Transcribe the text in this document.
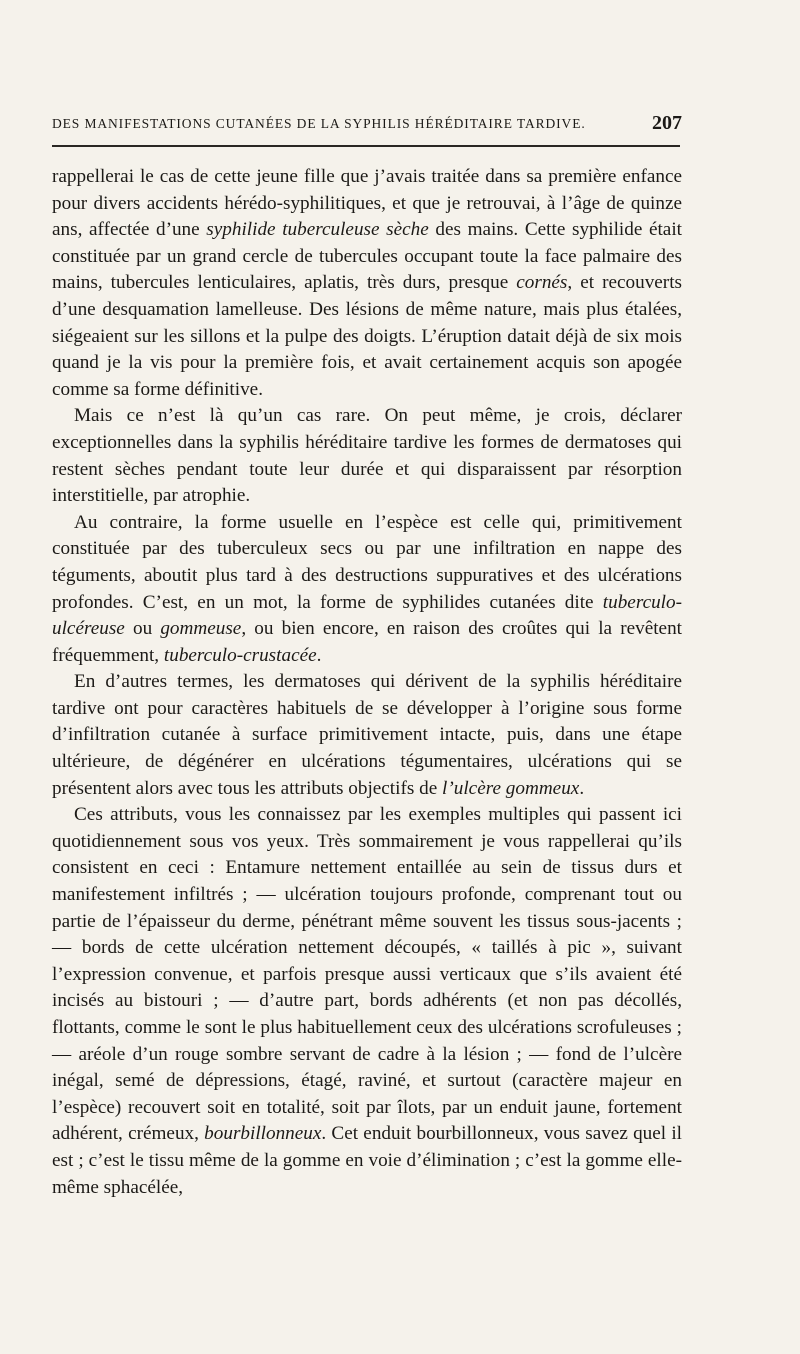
DES MANIFESTATIONS CUTANÉES DE LA SYPHILIS HÉRÉDITAIRE TARDIVE.	207

rappellerai le cas de cette jeune fille que j’avais traitée dans sa première enfance pour divers accidents hérédo-syphilitiques, et que je retrouvai, à l’âge de quinze ans, affectée d’une syphilide tuberculeuse sèche des mains. Cette syphilide était constituée par un grand cercle de tubercules occupant toute la face palmaire des mains, tubercules lenticulaires, aplatis, très durs, presque cornés, et recouverts d’une desquamation lamelleuse. Des lésions de même nature, mais plus étalées, siégeaient sur les sillons et la pulpe des doigts. L’éruption datait déjà de six mois quand je la vis pour la première fois, et avait certainement acquis son apogée comme sa forme définitive.

Mais ce n’est là qu’un cas rare. On peut même, je crois, déclarer exceptionnelles dans la syphilis héréditaire tardive les formes de dermatoses qui restent sèches pendant toute leur durée et qui disparaissent par résorption interstitielle, par atrophie.

Au contraire, la forme usuelle en l’espèce est celle qui, primitivement constituée par des tuberculeux secs ou par une infiltration en nappe des téguments, aboutit plus tard à des destructions suppuratives et des ulcérations profondes. C’est, en un mot, la forme de syphilides cutanées dite tuberculo-ulcéreuse ou gommeuse, ou bien encore, en raison des croûtes qui la revêtent fréquemment, tuberculo-crustacée.

En d’autres termes, les dermatoses qui dérivent de la syphilis héréditaire tardive ont pour caractères habituels de se développer à l’origine sous forme d’infiltration cutanée à surface primitivement intacte, puis, dans une étape ultérieure, de dégénérer en ulcérations tégumentaires, ulcérations qui se présentent alors avec tous les attributs objectifs de l’ulcère gommeux.

Ces attributs, vous les connaissez par les exemples multiples qui passent ici quotidiennement sous vos yeux. Très sommairement je vous rappellerai qu’ils consistent en ceci : Entamure nettement entaillée au sein de tissus durs et manifestement infiltrés ; — ulcération toujours profonde, comprenant tout ou partie de l’épaisseur du derme, pénétrant même souvent les tissus sous-jacents ; — bords de cette ulcération nettement découpés, « taillés à pic », suivant l’expression convenue, et parfois presque aussi verticaux que s’ils avaient été incisés au bistouri ; — d’autre part, bords adhérents (et non pas décollés, flottants, comme le sont le plus habituellement ceux des ulcérations scrofuleuses ; — aréole d’un rouge sombre servant de cadre à la lésion ; — fond de l’ulcère inégal, semé de dépressions, étagé, raviné, et surtout (caractère majeur en l’espèce) recouvert soit en totalité, soit par îlots, par un enduit jaune, fortement adhérent, crémeux, bourbillonneux. Cet enduit bourbillonneux, vous savez quel il est ; c’est le tissu même de la gomme en voie d’élimination ; c’est la gomme elle-même sphacélée,
